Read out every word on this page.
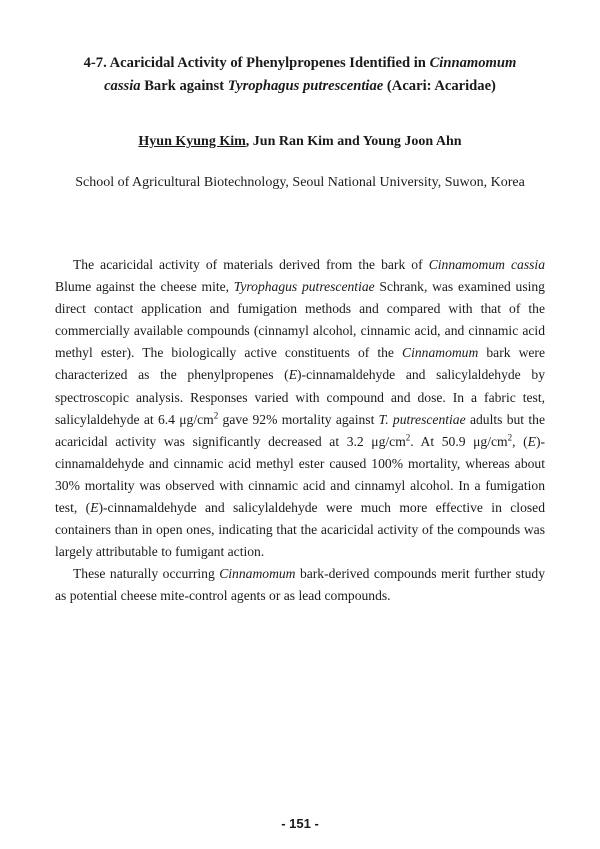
4-7. Acaricidal Activity of Phenylpropenes Identified in Cinnamomum
cassia Bark against Tyrophagus putrescentiae (Acari: Acaridae)
Hyun Kyung Kim, Jun Ran Kim and Young Joon Ahn
School of Agricultural Biotechnology, Seoul National University, Suwon, Korea

The acaricidal activity of materials derived from the bark of Cinnamomum cassia Blume against the cheese mite, Tyrophagus putrescentiae Schrank, was examined using direct contact application and fumigation methods and compared with that of the commercially available compounds (cinnamyl alcohol, cinnamic acid, and cinnamic acid methyl ester). The biologically active constituents of the Cinnamomum bark were characterized as the phenylpropenes (E)-cinnamaldehyde and salicylaldehyde by spectroscopic analysis. Responses varied with compound and dose. In a fabric test, salicylaldehyde at 6.4 $\mu g/cm^2$ gave 92% mortality against T. putrescentiae adults but the acaricidal activity was significantly decreased at 3.2 $\mu g/cm^2$. At 50.9 $\mu g/cm^2$, (E)-cinnamaldehyde and cinnamic acid methyl ester caused 100% mortality, whereas about 30% mortality was observed with cinnamic acid and cinnamyl alcohol. In a fumigation test, (E)-cinnamaldehyde and salicylaldehyde were much more effective in closed containers than in open ones, indicating that the acaricidal activity of the compounds was largely attributable to fumigant action.

These naturally occurring Cinnamomum bark-derived compounds merit further study as potential cheese mite-control agents or as lead compounds.

- 151 -
